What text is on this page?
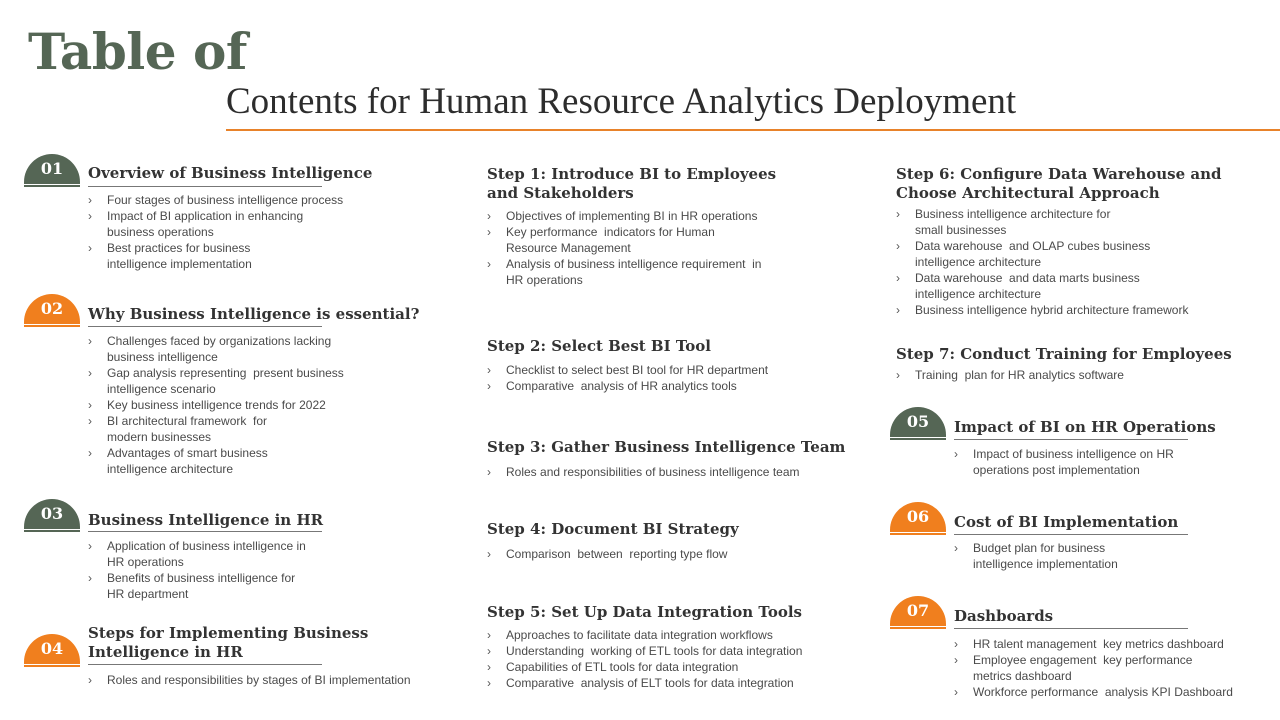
Table of
Contents for Human Resource Analytics Deployment
01	Overview of Business Intelligence
› Four stages of business intelligence process
› Impact of BI application in enhancing
business operations
› Best practices for business
intelligence implementation
02	Why Business Intelligence is essential?
› Challenges faced by organizations lacking
business intelligence
› Gap analysis representing  present business
intelligence scenario
› Key business intelligence trends for 2022
› BI architectural framework  for
modern businesses
› Advantages of smart business
intelligence architecture
03	Business Intelligence in HR
› Application of business intelligence in
HR operations
› Benefits of business intelligence for
HR department
04
Steps for Implementing Business
Intelligence in HR
› Roles and responsibilities by stages of BI implementation
05	Impact of BI on HR Operations
› Impact of business intelligence on HR
operations post implementation
06	Cost of BI Implementation
› Budget plan for business
intelligence implementation
07	Dashboards
› HR talent management  key metrics dashboard
› Employee engagement  key performance
metrics dashboard
› Workforce performance  analysis KPI Dashboard
Step 1: Introduce BI to Employees
and Stakeholders
› Objectives of implementing BI in HR operations
› Key performance  indicators for Human
Resource Management
› Analysis of business intelligence requirement  in
HR operations
Step 2: Select Best BI Tool
› Checklist to select best BI tool for HR department
› Comparative  analysis of HR analytics tools
Step 3: Gather Business Intelligence Team
› Roles and responsibilities of business intelligence team
Step 4: Document BI Strategy
› Comparison  between  reporting type flow
Step 5: Set Up Data Integration Tools
› Approaches to facilitate data integration workflows
› Understanding  working of ETL tools for data integration
› Capabilities of ETL tools for data integration
› Comparative  analysis of ELT tools for data integration
Step 6: Configure Data Warehouse and
Choose Architectural Approach
› Business intelligence architecture for
small businesses
› Data warehouse  and OLAP cubes business
intelligence architecture
› Data warehouse  and data marts business
intelligence architecture
› Business intelligence hybrid architecture framework
Step 7: Conduct Training for Employees
› Training  plan for HR analytics software
